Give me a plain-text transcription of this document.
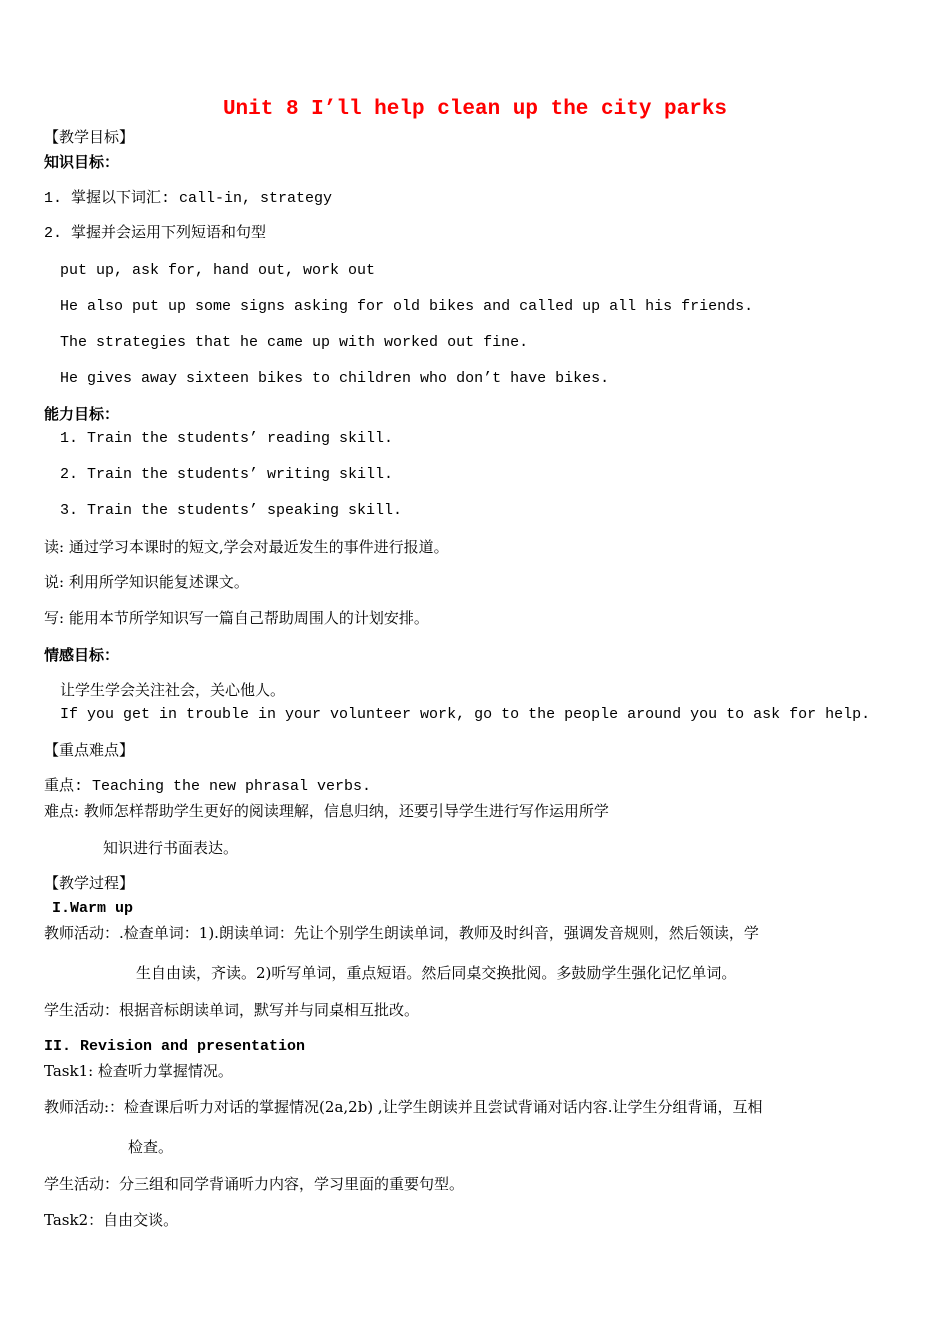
Unit 8 I’ll help clean up the city parks
【教学目标】
知识目标：
1. 掌握以下词汇: call-in, strategy
2. 掌握并会运用下列短语和句型
put up, ask for, hand out, work out
He also put up some signs asking for old bikes and called up all his friends.
The strategies that he came up with worked out fine.
He gives away sixteen bikes to children who don’t have bikes.
能力目标：
1. Train the students’ reading skill.
2. Train the students’ writing skill.
3. Train the students’ speaking skill.
读: 通过学习本课时的短文,学会对最近发生的事件进行报道。
说: 利用所学知识能复述课文。
写: 能用本节所学知识写一篇自己帮助周围人的计划安排。
情感目标：
让学生学会关注社会，关心他人。
If you get in trouble in your volunteer work, go to the people around you to ask for help.
【重点难点】
重点: Teaching the new phrasal verbs.
难点: 教师怎样帮助学生更好的阅读理解，信息归纳，还要引导学生进行写作运用所学
知识进行书面表达。
【教学过程】
I.Warm up
教师活动：.检查单词：1).朗读单词：先让个别学生朗读单词，教师及时纠音，强调发音规则，然后领读，学
生自由读，齐读。2)听写单词，重点短语。然后同桌交换批阅。多鼓励学生强化记忆单词。
学生活动：根据音标朗读单词，默写并与同桌相互批改。
II. Revision and presentation
Task1: 检查听力掌握情况。
教师活动:：检查课后听力对话的掌握情况(2a,2b) ,让学生朗读并且尝试背诵对话内容.让学生分组背诵，互相
检查。
学生活动：分三组和同学背诵听力内容，学习里面的重要句型。
Task2：自由交谈。
